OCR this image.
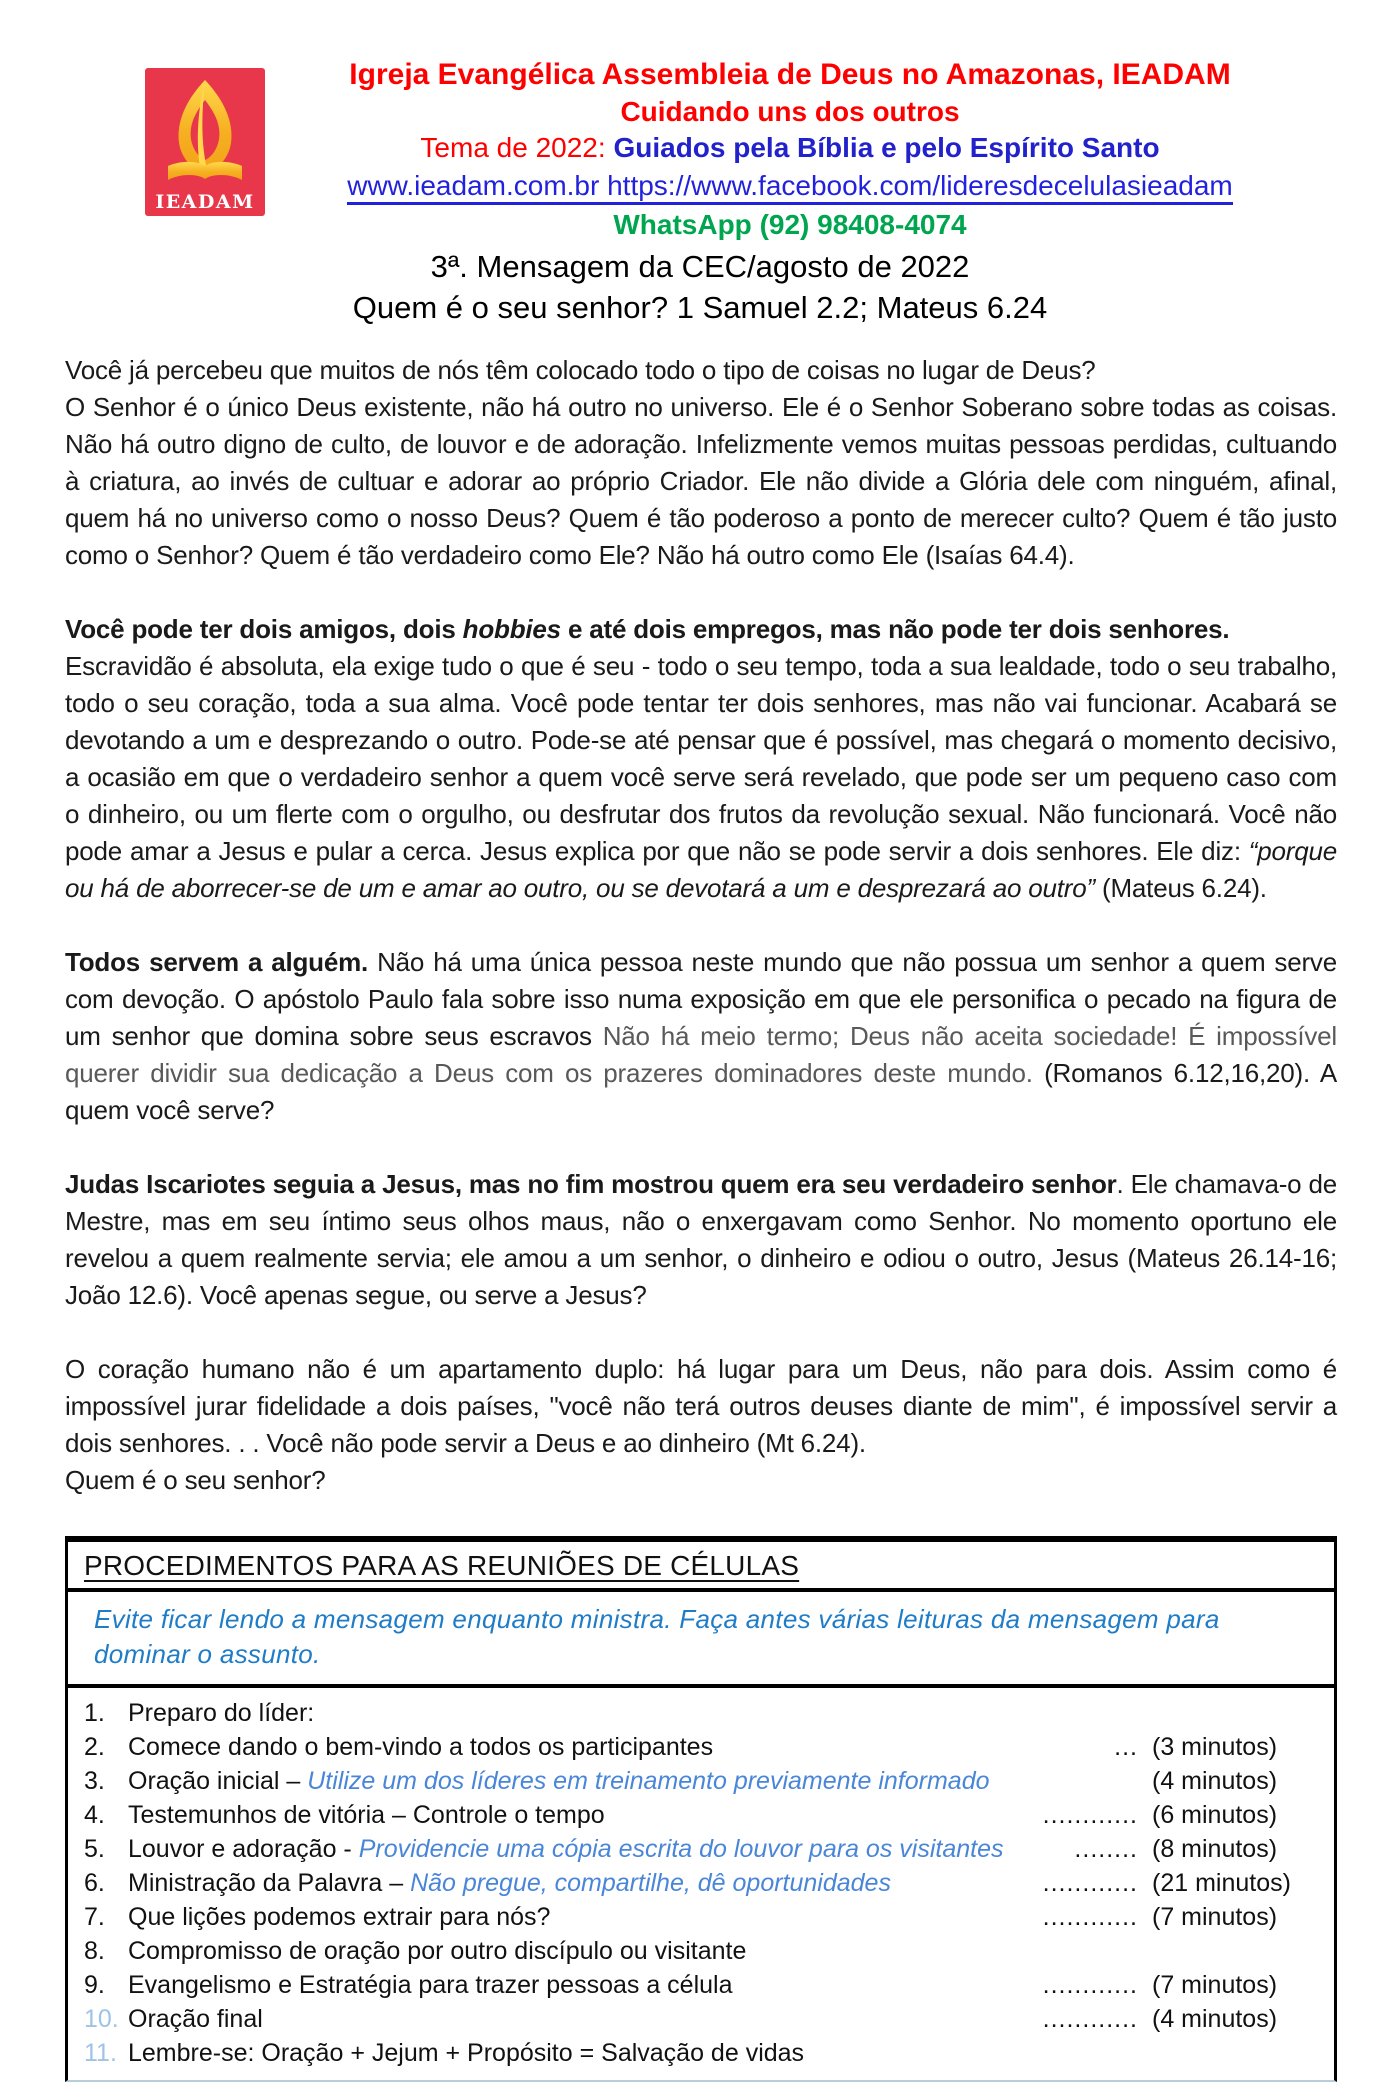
IEADAM
Igreja Evangélica Assembleia de Deus no Amazonas, IEADAM
Cuidando uns dos outros
Tema de 2022: Guiados pela Bíblia e pelo Espírito Santo
www.ieadam.com.br https://www.facebook.com/lideresdecelulasieadam
WhatsApp (92) 98408-4074
3ª. Mensagem da CEC/agosto de 2022
Quem é o seu senhor? 1 Samuel 2.2; Mateus 6.24

Você já percebeu que muitos de nós têm colocado todo o tipo de coisas no lugar de Deus?
O Senhor é o único Deus existente, não há outro no universo. Ele é o Senhor Soberano sobre todas as coisas. Não há outro digno de culto, de louvor e de adoração. Infelizmente vemos muitas pessoas perdidas, cultuando à criatura, ao invés de cultuar e adorar ao próprio Criador. Ele não divide a Glória dele com ninguém, afinal, quem há no universo como o nosso Deus? Quem é tão poderoso a ponto de merecer culto? Quem é tão justo como o Senhor? Quem é tão verdadeiro como Ele? Não há outro como Ele (Isaías 64.4).

Você pode ter dois amigos, dois hobbies e até dois empregos, mas não pode ter dois senhores.
Escravidão é absoluta, ela exige tudo o que é seu - todo o seu tempo, toda a sua lealdade, todo o seu trabalho, todo o seu coração, toda a sua alma. Você pode tentar ter dois senhores, mas não vai funcionar. Acabará se devotando a um e desprezando o outro. Pode-se até pensar que é possível, mas chegará o momento decisivo, a ocasião em que o verdadeiro senhor a quem você serve será revelado, que pode ser um pequeno caso com o dinheiro, ou um flerte com o orgulho, ou desfrutar dos frutos da revolução sexual. Não funcionará. Você não pode amar a Jesus e pular a cerca. Jesus explica por que não se pode servir a dois senhores. Ele diz: “porque ou há de aborrecer-se de um e amar ao outro, ou se devotará a um e desprezará ao outro” (Mateus 6.24).

Todos servem a alguém. Não há uma única pessoa neste mundo que não possua um senhor a quem serve com devoção. O apóstolo Paulo fala sobre isso numa exposição em que ele personifica o pecado na figura de um senhor que domina sobre seus escravos Não há meio termo; Deus não aceita sociedade! É impossível querer dividir sua dedicação a Deus com os prazeres dominadores deste mundo. (Romanos 6.12,16,20). A quem você serve?

Judas Iscariotes seguia a Jesus, mas no fim mostrou quem era seu verdadeiro senhor. Ele chamava-o de Mestre, mas em seu íntimo seus olhos maus, não o enxergavam como Senhor. No momento oportuno ele revelou a quem realmente servia; ele amou a um senhor, o dinheiro e odiou o outro, Jesus (Mateus 26.14-16; João 12.6). Você apenas segue, ou serve a Jesus?

O coração humano não é um apartamento duplo: há lugar para um Deus, não para dois. Assim como é impossível jurar fidelidade a dois países, "você não terá outros deuses diante de mim", é impossível servir a dois senhores. . . Você não pode servir a Deus e ao dinheiro (Mt 6.24).
Quem é o seu senhor?

PROCEDIMENTOS PARA AS REUNIÕES DE CÉLULAS
Evite ficar lendo a mensagem enquanto ministra. Faça antes várias leituras da mensagem para dominar o assunto.
1. Preparo do líder:
2. Comece dando o bem-vindo a todos os participantes	... (3 minutos)
3. Oração inicial – Utilize um dos líderes em treinamento previamente informado	(4 minutos)
4. Testemunhos de vitória – Controle o tempo	............ (6 minutos)
5. Louvor e adoração - Providencie uma cópia escrita do louvor para os visitantes	........ (8 minutos)
6. Ministração da Palavra – Não pregue, compartilhe, dê oportunidades	............ (21 minutos)
7. Que lições podemos extrair para nós?	............ (7 minutos)
8. Compromisso de oração por outro discípulo ou visitante
9. Evangelismo e Estratégia para trazer pessoas a célula	............ (7 minutos)
10. Oração final	............ (4 minutos)
11. Lembre-se: Oração + Jejum + Propósito = Salvação de vidas
